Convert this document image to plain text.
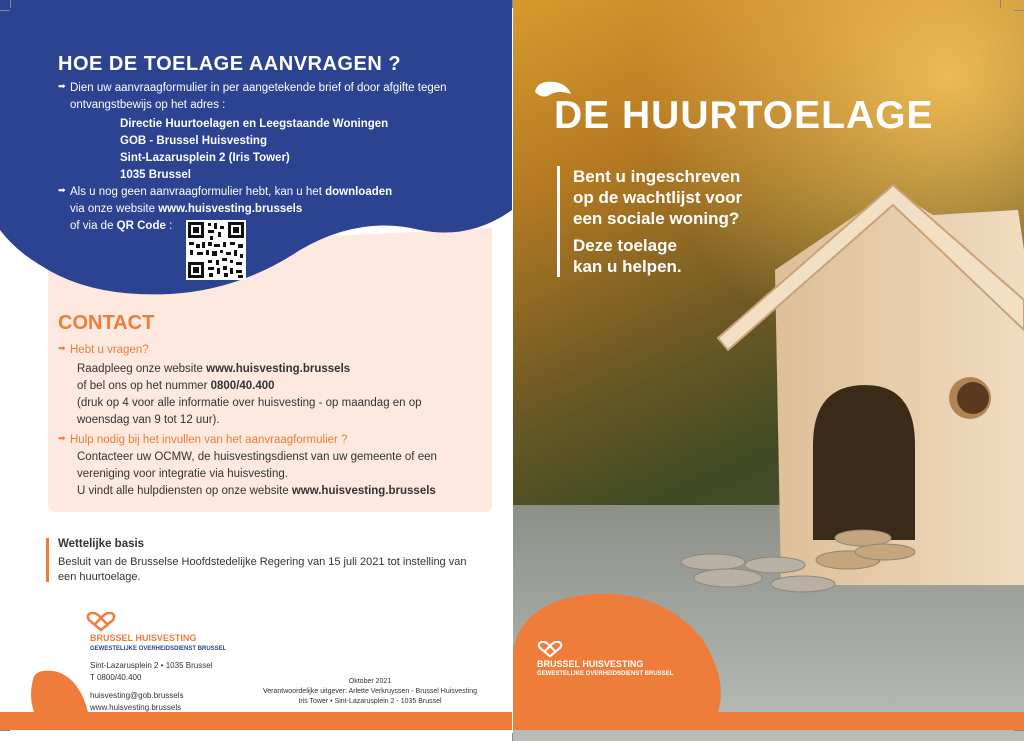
HOE DE TOELAGE AANVRAGEN ?
➡ Dien uw aanvraagformulier in per aangetekende brief of door afgifte tegen
ontvangstbewijs op het adres :
Directie Huurtoelagen en Leegstaande Woningen
GOB - Brussel Huisvesting
Sint-Lazarusplein 2 (Iris Tower)
1035 Brussel
➡ Als u nog geen aanvraagformulier hebt, kan u het downloaden
via onze website www.huisvesting.brussels
of via de QR Code :
CONTACT
➡ Hebt u vragen?
Raadpleeg onze website www.huisvesting.brussels
of bel ons op het nummer 0800/40.400
(druk op 4 voor alle informatie over huisvesting - op maandag en op
woensdag van 9 tot 12 uur).
➡ Hulp nodig bij het invullen van het aanvraagformulier ?
Contacteer uw OCMW, de huisvestingsdienst van uw gemeente of een
vereniging voor integratie via huisvesting.
U vindt alle hulpdiensten op onze website www.huisvesting.brussels
Wettelijke basis
Besluit van de Brusselse Hoofdstedelijke Regering van 15 juli 2021 tot instelling van
een huurtoelage.
BRUSSEL HUISVESTING
GEWESTELIJKE OVERHEIDSDIENST BRUSSEL
Sint-Lazarusplein 2 • 1035 Brussel
T 0800/40.400
huisvesting@gob.brussels
www.huisvesting.brussels
Oktober 2021
Verantwoordelijke uitgever: Arlette Verkruyssen - Brussel Huisvesting
Iris Tower • Sint-Lazarusplein 2 - 1035 Brussel
DE HUURTOELAGE
Bent u ingeschreven
op de wachtlijst voor
een sociale woning?
Deze toelage
kan u helpen.
BRUSSEL HUISVESTING
GEWESTELIJKE OVERHEIDSDIENST BRUSSEL
